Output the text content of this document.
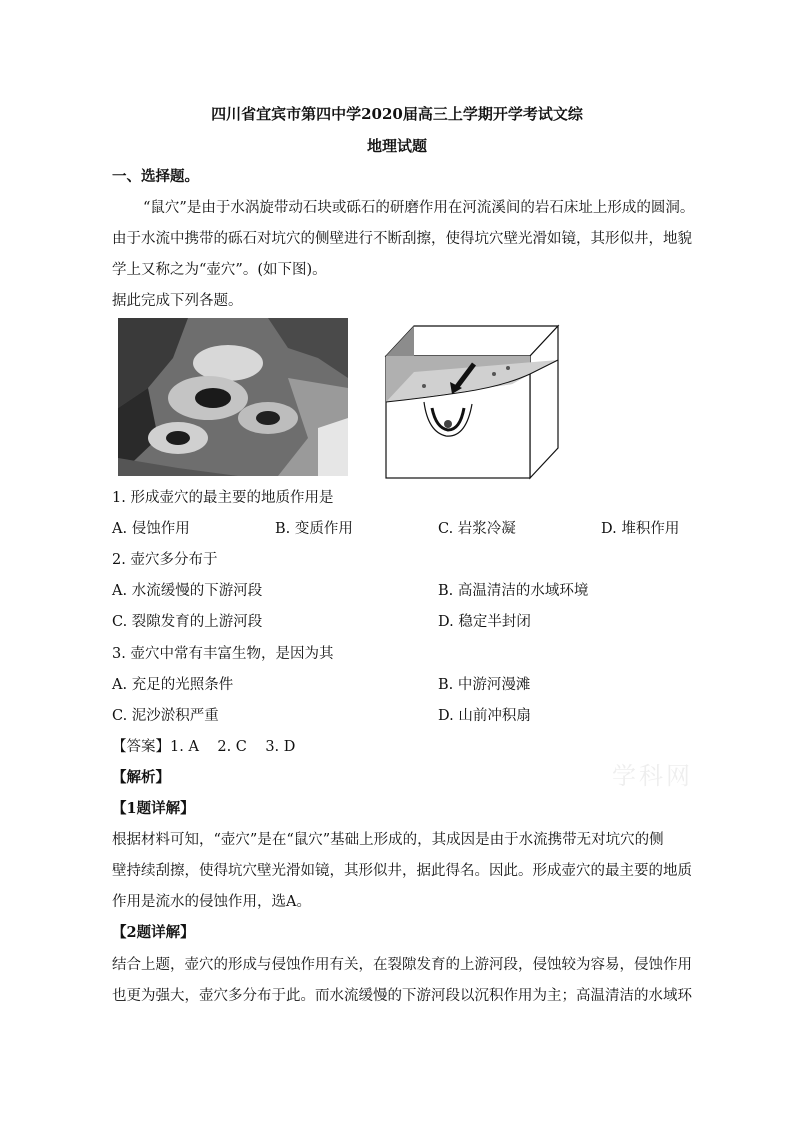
四川省宜宾市第四中学2020届高三上学期开学考试文综
地理试题
一、选择题。
“鼠穴”是由于水涡旋带动石块或砾石的研磨作用在河流溪间的岩石床址上形成的圆洞。
由于水流中携带的砾石对坑穴的侧壁进行不断刮擦，使得坑穴壁光滑如镜，其形似井，地貌
学上又称之为“壶穴”。(如下图)。
据此完成下列各题。
1. 形成壶穴的最主要的地质作用是
A. 侵蚀作用	B. 变质作用	C. 岩浆冷凝	D. 堆积作用
2. 壶穴多分布于
A. 水流缓慢的下游河段	B. 高温清洁的水域环境
C. 裂隙发育的上游河段	D. 稳定半封闭
3. 壶穴中常有丰富生物，是因为其
A. 充足的光照条件	B. 中游河漫滩
C. 泥沙淤积严重	D. 山前冲积扇
【答案】1. A    2. C    3. D
【解析】	学科网
【1题详解】
根据材料可知，“壶穴”是在“鼠穴”基础上形成的，其成因是由于水流携带无对坑穴的侧
壁持续刮擦，使得坑穴壁光滑如镜，其形似井，据此得名。因此。形成壶穴的最主要的地质
作用是流水的侵蚀作用，选A。
【2题详解】
结合上题，壶穴的形成与侵蚀作用有关，在裂隙发育的上游河段，侵蚀较为容易，侵蚀作用
也更为强大，壶穴多分布于此。而水流缓慢的下游河段以沉积作用为主；高温清洁的水域环
